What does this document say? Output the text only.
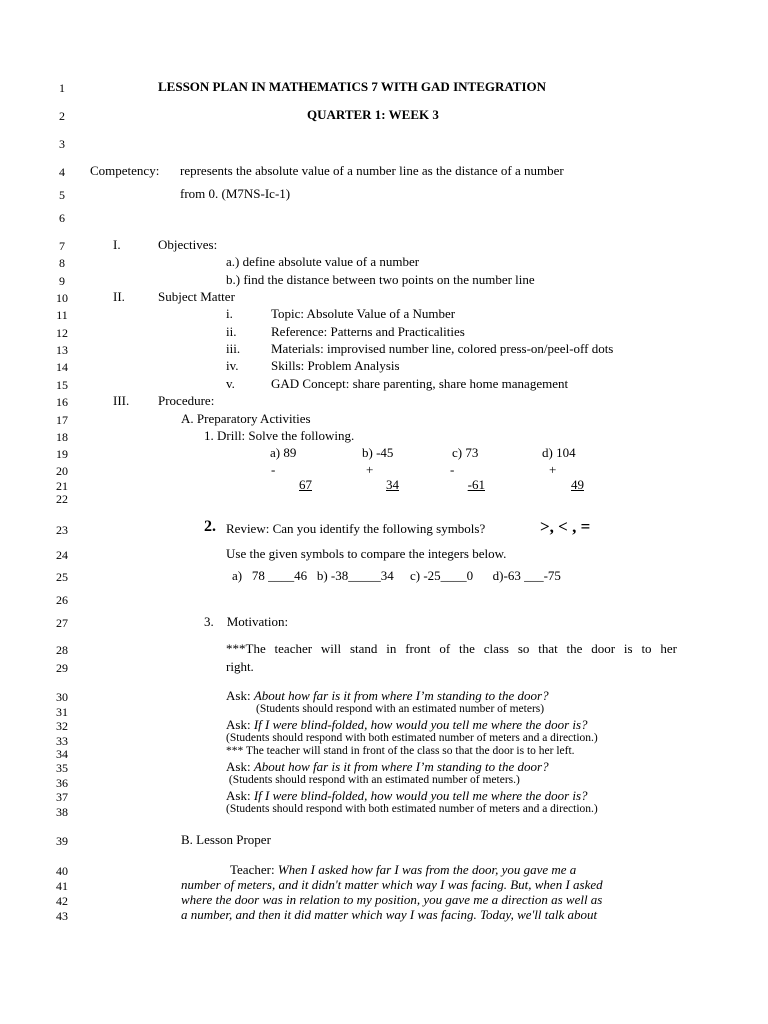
1
2
3
4
5
6
7
8
9
10
11
12
13
14
15
16
17
18
19
20
21
22
23
24
25
26
27
28
29
30
31
32
33
34
35
36
37
38
39
40
41
42
43
LESSON PLAN IN MATHEMATICS 7 WITH GAD INTEGRATION
QUARTER 1: WEEK 3
Competency: represents the absolute value of a number line as the distance of a number
from 0. (M7NS-Ic-1)
I.	Objectives:
a.) define absolute value of a number
b.) find the distance between two points on the number line
II.	Subject Matter
i.	Topic: Absolute Value of a Number
ii.	Reference: Patterns and Practicalities
iii. Materials: improvised number line, colored press-on/peel-off dots
iv. Skills: Problem Analysis
v.	GAD Concept: share parenting, share home management
III. Procedure:
A. Preparatory Activities
1. Drill: Solve the following.
a) 89	b) -45	c) 73	d) 104
-	+	-	+
67	34	-61	49
2. Review: Can you identify the following symbols?	>, < , =
Use the given symbols to compare the integers below.
a)   78 ____46   b) -38_____34     c) -25____0      d)-63 ___-75
3.    Motivation:
***The teacher will stand in front of the class so that the door is to her
right.
Ask: About how far is it from where I’m standing to the door?
(Students should respond with an estimated number of meters)
Ask: If I were blind-folded, how would you tell me where the door is?
(Students should respond with both estimated number of meters and a direction.)
*** The teacher will stand in front of the class so that the door is to her left.
Ask: About how far is it from where I’m standing to the door?
(Students should respond with an estimated number of meters.)
Ask: If I were blind-folded, how would you tell me where the door is?
(Students should respond with both estimated number of meters and a direction.)
B. Lesson Proper
Teacher: When I asked how far I was from the door, you gave me a
number of meters, and it didn't matter which way I was facing. But, when I asked
where the door was in relation to my position, you gave me a direction as well as
a number, and then it did matter which way I was facing. Today, we'll talk about
